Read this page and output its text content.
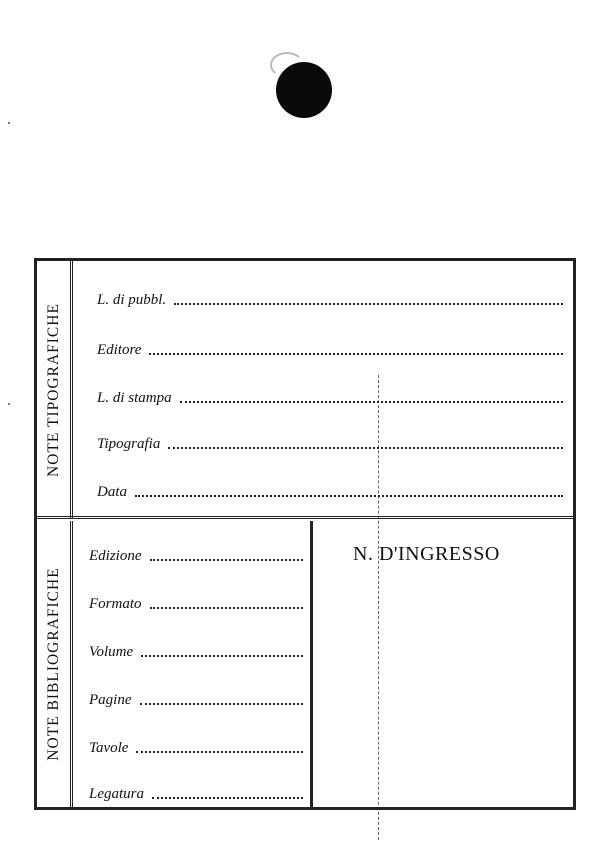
NOTE TIPOGRAFICHE
NOTE BIBLIOGRAFICHE
L. di pubbl.
Editore
L. di stampa
Tipografia
Data
Edizione
Formato
Volume
Pagine
Tavole
Legatura
N. D'INGRESSO
